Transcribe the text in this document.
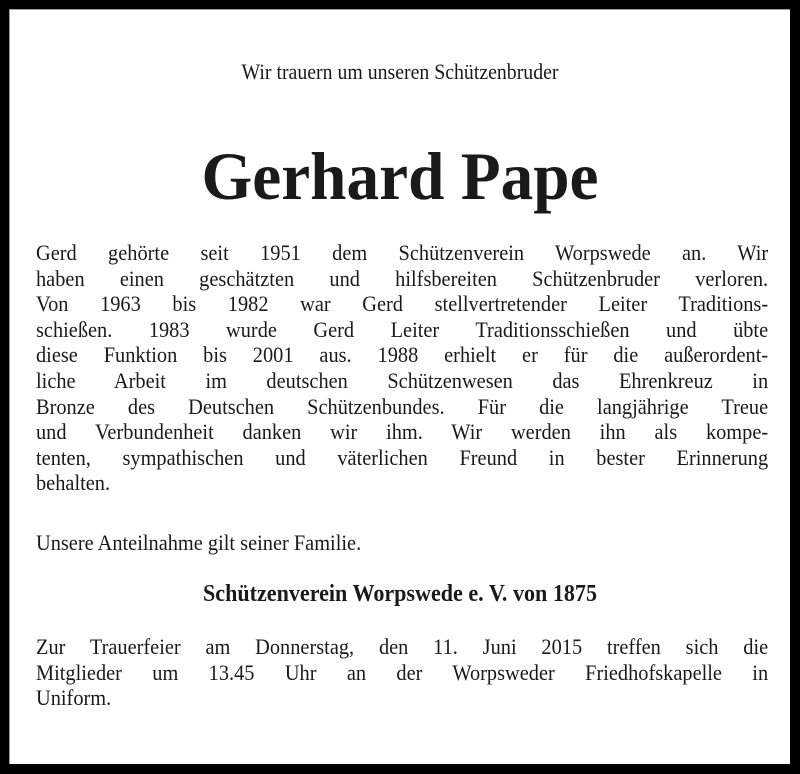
Wir trauern um unseren Schützenbruder
Gerhard Pape
Gerd gehörte seit 1951 dem Schützenverein Worpswede an. Wir
haben einen geschätzten und hilfsbereiten Schützenbruder verloren.
Von 1963 bis 1982 war Gerd stellvertretender Leiter Traditions-
schießen. 1983 wurde Gerd Leiter Traditionsschießen und übte
diese Funktion bis 2001 aus. 1988 erhielt er für die außerordent-
liche Arbeit im deutschen Schützenwesen das Ehrenkreuz in
Bronze des Deutschen Schützenbundes. Für die langjährige Treue
und Verbundenheit danken wir ihm. Wir werden ihn als kompe-
tenten, sympathischen und väterlichen Freund in bester Erinnerung
behalten.
Unsere Anteilnahme gilt seiner Familie.
Schützenverein Worpswede e. V. von 1875
Zur Trauerfeier am Donnerstag, den 11. Juni 2015 treffen sich die
Mitglieder um 13.45 Uhr an der Worpsweder Friedhofskapelle in
Uniform.
